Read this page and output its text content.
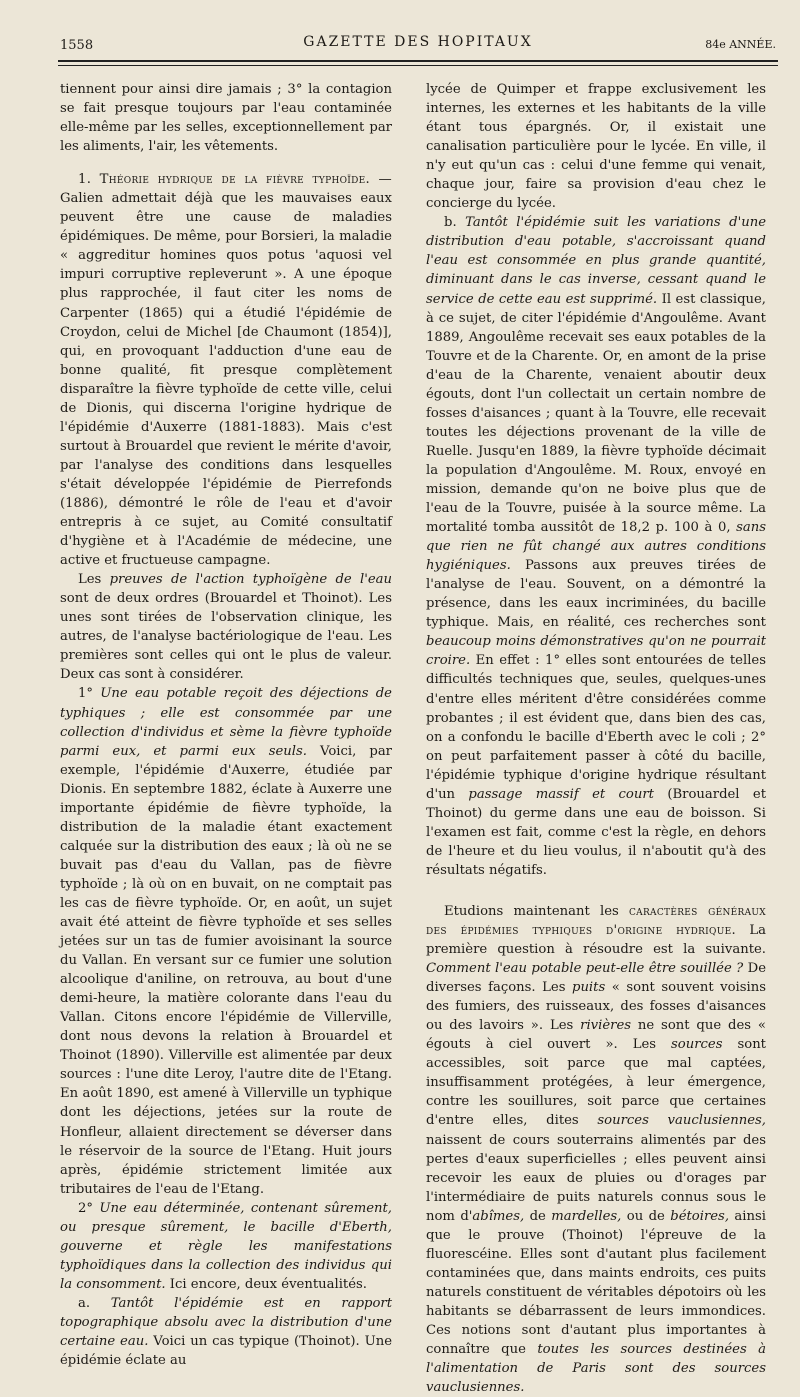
1558	GAZETTE DES HOPITAUX	84e ANNÉE.

tiennent pour ainsi dire jamais ; 3° la contagion se fait presque toujours par l'eau contaminée elle-même par les selles, exceptionnellement par les aliments, l'air, les vêtements.

1. Théorie hydrique de la fièvre typhoïde. — Galien admettait déjà que les mauvaises eaux peuvent être une cause de maladies épidémiques. De même, pour Borsieri, la maladie « aggreditur homines quos potus 'aquosi vel impuri corruptive repleverunt ». A une époque plus rapprochée, il faut citer les noms de Carpenter (1865) qui a étudié l'épidémie de Croydon, celui de Michel [de Chaumont (1854)], qui, en provoquant l'adduction d'une eau de bonne qualité, fit presque complètement disparaître la fièvre typhoïde de cette ville, celui de Dionis, qui discerna l'origine hydrique de l'épidémie d'Auxerre (1881-1883). Mais c'est surtout à Brouardel que revient le mérite d'avoir, par l'analyse des conditions dans lesquelles s'était développée l'épidémie de Pierrefonds (1886), démontré le rôle de l'eau et d'avoir entrepris à ce sujet, au Comité consultatif d'hygiène et à l'Académie de médecine, une active et fructueuse campagne.

Les preuves de l'action typhoïgène de l'eau sont de deux ordres (Brouardel et Thoinot). Les unes sont tirées de l'observation clinique, les autres, de l'analyse bactériologique de l'eau. Les premières sont celles qui ont le plus de valeur. Deux cas sont à considérer.

1° Une eau potable reçoit des déjections de typhiques ; elle est consommée par une collection d'individus et sème la fièvre typhoïde parmi eux, et parmi eux seuls. Voici, par exemple, l'épidémie d'Auxerre, étudiée par Dionis. En septembre 1882, éclate à Auxerre une importante épidémie de fièvre typhoïde, la distribution de la maladie étant exactement calquée sur la distribution des eaux ; là où ne se buvait pas d'eau du Vallan, pas de fièvre typhoïde ; là où on en buvait, on ne comptait pas les cas de fièvre typhoïde. Or, en août, un sujet avait été atteint de fièvre typhoïde et ses selles jetées sur un tas de fumier avoisinant la source du Vallan. En versant sur ce fumier une solution alcoolique d'aniline, on retrouva, au bout d'une demi-heure, la matière colorante dans l'eau du Vallan. Citons encore l'épidémie de Villerville, dont nous devons la relation à Brouardel et Thoinot (1890). Villerville est alimentée par deux sources : l'une dite Leroy, l'autre dite de l'Etang. En août 1890, est amené à Villerville un typhique dont les déjections, jetées sur la route de Honfleur, allaient directement se déverser dans le réservoir de la source de l'Etang. Huit jours après, épidémie strictement limitée aux tributaires de l'eau de l'Etang.

2° Une eau déterminée, contenant sûrement, ou presque sûrement, le bacille d'Eberth, gouverne et règle les manifestations typhoïdiques dans la collection des individus qui la consomment. Ici encore, deux éventualités.

a. Tantôt l'épidémie est en rapport topographique absolu avec la distribution d'une certaine eau. Voici un cas typique (Thoinot). Une épidémie éclate au

lycée de Quimper et frappe exclusivement les internes, les externes et les habitants de la ville étant tous épargnés. Or, il existait une canalisation particulière pour le lycée. En ville, il n'y eut qu'un cas : celui d'une femme qui venait, chaque jour, faire sa provision d'eau chez le concierge du lycée.

b. Tantôt l'épidémie suit les variations d'une distribution d'eau potable, s'accroissant quand l'eau est consommée en plus grande quantité, diminuant dans le cas inverse, cessant quand le service de cette eau est supprimé. Il est classique, à ce sujet, de citer l'épidémie d'Angoulême. Avant 1889, Angoulême recevait ses eaux potables de la Touvre et de la Charente. Or, en amont de la prise d'eau de la Charente, venaient aboutir deux égouts, dont l'un collectait un certain nombre de fosses d'aisances ; quant à la Touvre, elle recevait toutes les déjections provenant de la ville de Ruelle. Jusqu'en 1889, la fièvre typhoïde décimait la population d'Angoulême. M. Roux, envoyé en mission, demande qu'on ne boive plus que de l'eau de la Touvre, puisée à la source même. La mortalité tomba aussitôt de 18,2 p. 100 à 0, sans que rien ne fût changé aux autres conditions hygiéniques. Passons aux preuves tirées de l'analyse de l'eau. Souvent, on a démontré la présence, dans les eaux incriminées, du bacille typhique. Mais, en réalité, ces recherches sont beaucoup moins démonstratives qu'on ne pourrait croire. En effet : 1° elles sont entourées de telles difficultés techniques que, seules, quelques-unes d'entre elles méritent d'être considérées comme probantes ; il est évident que, dans bien des cas, on a confondu le bacille d'Eberth avec le coli ; 2° on peut parfaitement passer à côté du bacille, l'épidémie typhique d'origine hydrique résultant d'un passage massif et court (Brouardel et Thoinot) du germe dans une eau de boisson. Si l'examen est fait, comme c'est la règle, en dehors de l'heure et du lieu voulus, il n'aboutit qu'à des résultats négatifs.

Etudions maintenant les caractères généraux des épidémies typhiques d'origine hydrique. La première question à résoudre est la suivante. Comment l'eau potable peut-elle être souillée ? De diverses façons. Les puits « sont souvent voisins des fumiers, des ruisseaux, des fosses d'aisances ou des lavoirs ». Les rivières ne sont que des « égouts à ciel ouvert ». Les sources sont accessibles, soit parce que mal captées, insuffisamment protégées, à leur émergence, contre les souillures, soit parce que certaines d'entre elles, dites sources vauclusiennes, naissent de cours souterrains alimentés par des pertes d'eaux superficielles ; elles peuvent ainsi recevoir les eaux de pluies ou d'orages par l'intermédiaire de puits naturels connus sous le nom d'abîmes, de mardelles, ou de bétoires, ainsi que le prouve (Thoinot) l'épreuve de la fluorescéine. Elles sont d'autant plus facilement contaminées que, dans maints endroits, ces puits naturels constituent de véritables dépotoirs où les habitants se débarrassent de leurs immondices. Ces notions sont d'autant plus importantes à connaître que toutes les sources destinées à l'alimentation de Paris sont des sources vauclusiennes.
